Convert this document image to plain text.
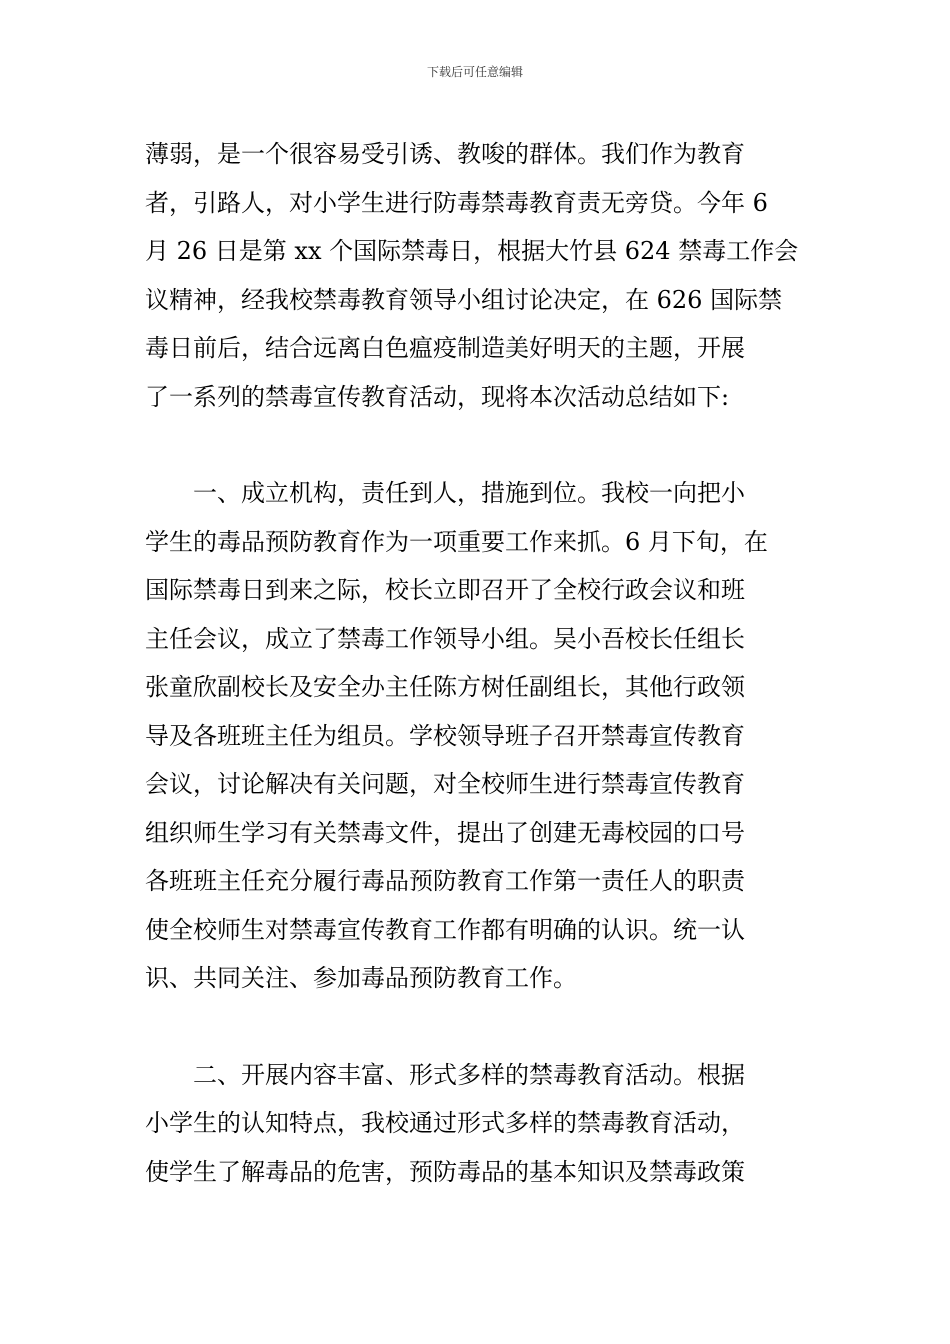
下载后可任意编辑
薄弱，是一个很容易受引诱、教唆的群体。我们作为教育
者，引路人，对小学生进行防毒禁毒教育责无旁贷。今年 6
月 26 日是第 xx 个国际禁毒日，根据大竹县 624 禁毒工作会
议精神，经我校禁毒教育领导小组讨论决定，在 626 国际禁
毒日前后，结合远离白色瘟疫制造美好明天的主题，开展
了一系列的禁毒宣传教育活动，现将本次活动总结如下:
　　一、成立机构，责任到人，措施到位。我校一向把小
学生的毒品预防教育作为一项重要工作来抓。6 月下旬，在
国际禁毒日到来之际，校长立即召开了全校行政会议和班
主任会议，成立了禁毒工作领导小组。吴小吾校长任组长
张童欣副校长及安全办主任陈方树任副组长，其他行政领
导及各班班主任为组员。学校领导班子召开禁毒宣传教育
会议，讨论解决有关问题，对全校师生进行禁毒宣传教育
组织师生学习有关禁毒文件，提出了创建无毒校园的口号
各班班主任充分履行毒品预防教育工作第一责任人的职责
使全校师生对禁毒宣传教育工作都有明确的认识。统一认
识、共同关注、参加毒品预防教育工作。
　　二、开展内容丰富、形式多样的禁毒教育活动。根据
小学生的认知特点，我校通过形式多样的禁毒教育活动，
使学生了解毒品的危害，预防毒品的基本知识及禁毒政策
